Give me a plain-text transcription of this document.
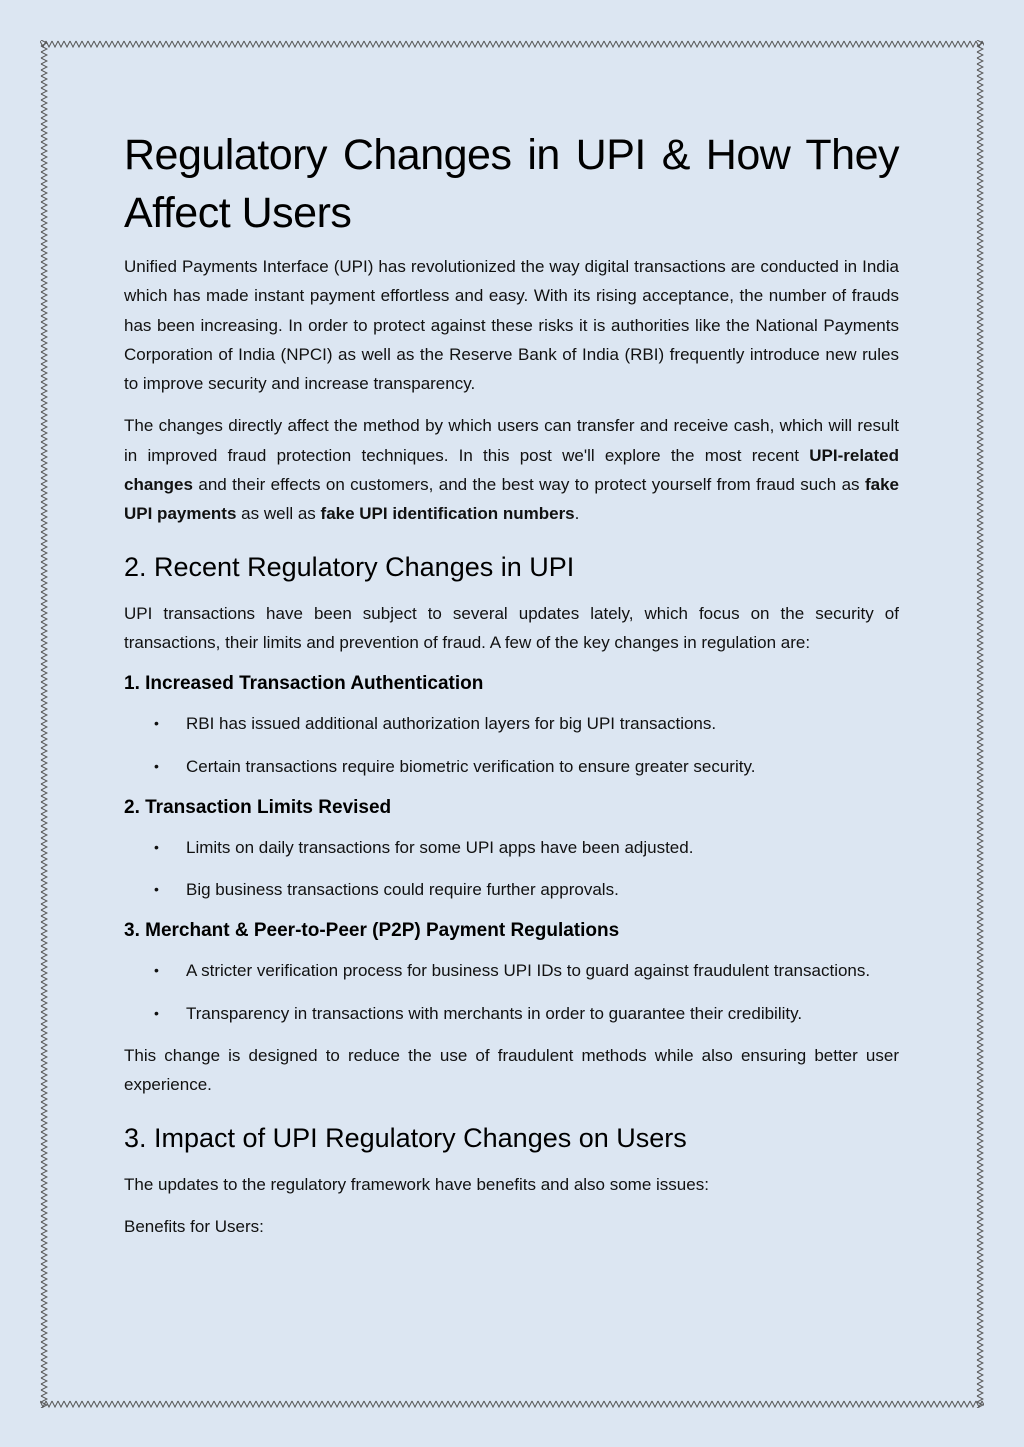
Regulatory Changes in UPI & How They Affect Users

Unified Payments Interface (UPI) has revolutionized the way digital transactions are conducted in India which has made instant payment effortless and easy. With its rising acceptance, the number of frauds has been increasing. In order to protect against these risks it is authorities like the National Payments Corporation of India (NPCI) as well as the Reserve Bank of India (RBI) frequently introduce new rules to improve security and increase transparency.

The changes directly affect the method by which users can transfer and receive cash, which will result in improved fraud protection techniques. In this post we'll explore the most recent UPI-related changes and their effects on customers, and the best way to protect yourself from fraud such as fake UPI payments as well as fake UPI identification numbers.

2. Recent Regulatory Changes in UPI

UPI transactions have been subject to several updates lately, which focus on the security of transactions, their limits and prevention of fraud. A few of the key changes in regulation are:

1. Increased Transaction Authentication
• RBI has issued additional authorization layers for big UPI transactions.
• Certain transactions require biometric verification to ensure greater security.
2. Transaction Limits Revised
• Limits on daily transactions for some UPI apps have been adjusted.
• Big business transactions could require further approvals.
3. Merchant & Peer-to-Peer (P2P) Payment Regulations
• A stricter verification process for business UPI IDs to guard against fraudulent transactions.
• Transparency in transactions with merchants in order to guarantee their credibility.

This change is designed to reduce the use of fraudulent methods while also ensuring better user experience.

3. Impact of UPI Regulatory Changes on Users

The updates to the regulatory framework have benefits and also some issues:

Benefits for Users:
